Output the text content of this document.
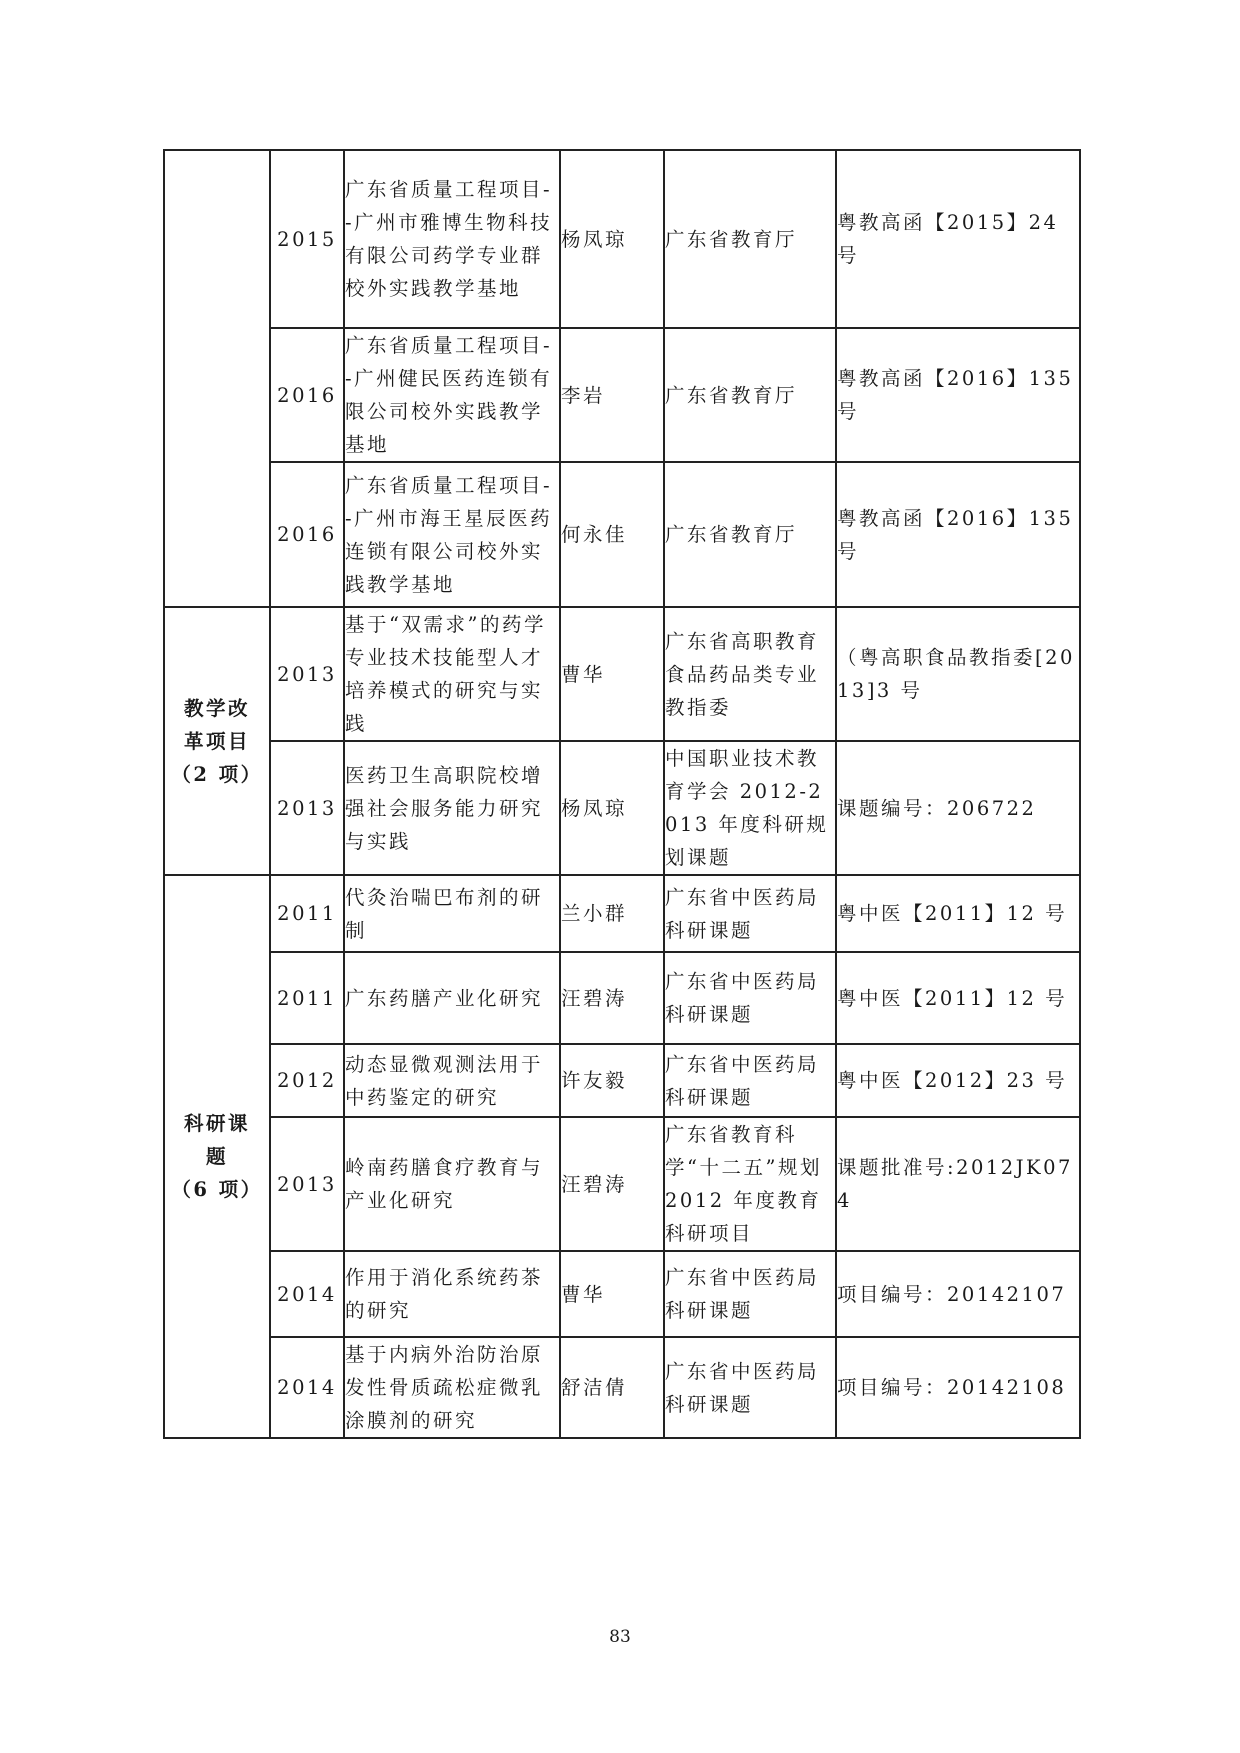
	2015	广东省质量工程项目--广州市雅博生物科技有限公司药学专业群校外实践教学基地	杨凤琼	广东省教育厅	粤教高函【2015】24 号
	2016	广东省质量工程项目--广州健民医药连锁有限公司校外实践教学基地	李岩	广东省教育厅	粤教高函【2016】135 号
	2016	广东省质量工程项目--广州市海王星辰医药连锁有限公司校外实践教学基地	何永佳	广东省教育厅	粤教高函【2016】135 号

教学改
革项目
（2 项）	2013	基于“双需求”的药学专业技术技能型人才培养模式的研究与实践	曹华	广东省高职教育食品药品类专业教指委	（粤高职食品教指委[2013]3 号
	2013	医药卫生高职院校增强社会服务能力研究与实践	杨凤琼	中国职业技术教育学会 2012-2013 年度科研规划课题	课题编号：206722

科研课
题
（6 项）	2011	代灸治喘巴布剂的研制	兰小群	广东省中医药局科研课题	粤中医【2011】12 号
	2011	广东药膳产业化研究	汪碧涛	广东省中医药局科研课题	粤中医【2011】12 号
	2012	动态显微观测法用于中药鉴定的研究	许友毅	广东省中医药局科研课题	粤中医【2012】23 号
	2013	岭南药膳食疗教育与产业化研究	汪碧涛	广东省教育科学“十二五”规划 2012 年度教育科研项目	课题批准号:2012JK074
	2014	作用于消化系统药茶的研究	曹华	广东省中医药局科研课题	项目编号：20142107
	2014	基于内病外治防治原发性骨质疏松症微乳涂膜剂的研究	舒洁倩	广东省中医药局科研课题	项目编号：20142108
83
